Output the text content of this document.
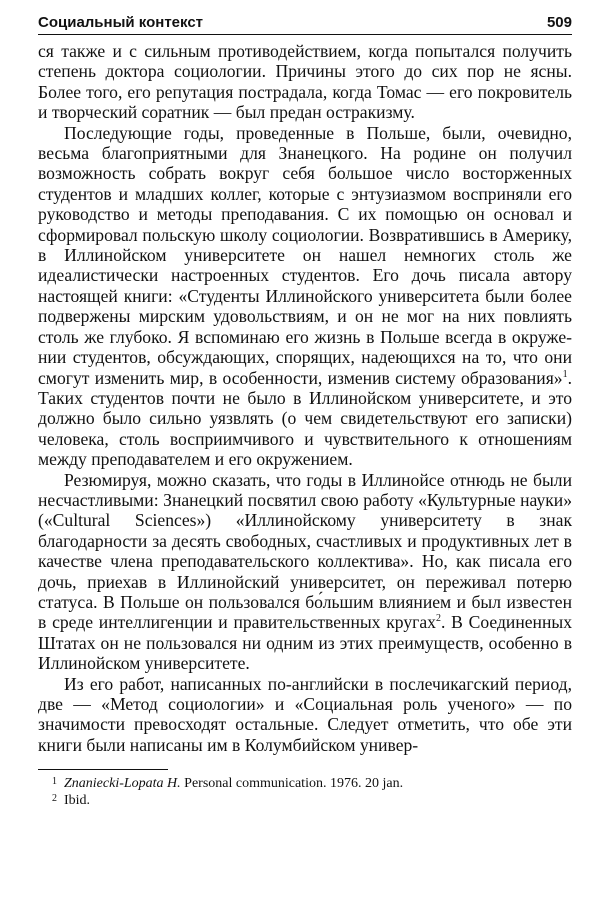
Социальный контекст	509

ся также и с сильным противодействием, когда попытался получить степень доктора социологии. Причины этого до сих пор не ясны. Более того, его репутация пострадала, когда Томас — его покровитель и творческий соратник — был предан остракизму.

Последующие годы, проведенные в Польше, были, очевидно, весьма благоприятными для Знанецкого. На родине он получил возможность собрать вокруг себя большое число восторженных студентов и младших коллег, которые с энтузиазмом восприняли его руководство и методы преподавания. С их помощью он основал и сформировал польскую школу социологии. Возвратившись в Америку, в Иллинойском университете он нашел немногих столь же идеалистически настроенных студентов. Его дочь писала автору настоящей книги: «Студенты Иллинойского университета были более подвержены мирским удовольствиям, и он не мог на них повлиять столь же глубоко. Я вспоминаю его жизнь в Польше всегда в окружении студентов, обсуждающих, спорящих, надеющихся на то, что они смогут изменить мир, в особенности, изменив систему образования»$^1$. Таких студентов почти не было в Иллинойском университете, и это должно было сильно уязвлять (о чем свидетельствуют его записки) человека, столь восприимчивого и чувствительного к отношениям между преподавателем и его окружением.

Резюмируя, можно сказать, что годы в Иллинойсе отнюдь не были несчастливыми: Знанецкий посвятил свою работу «Культурные науки» («Cultural Sciences») «Иллинойскому университету в знак благодарности за десять свободных, счастливых и продуктивных лет в качестве члена преподавательского коллектива». Но, как писала его дочь, приехав в Иллинойский университет, он переживал потерю статуса. В Польше он пользовался бо́льшим влиянием и был известен в среде интеллигенции и правительственных кругах$^2$. В Соединенных Штатах он не пользовался ни одним из этих преимуществ, особенно в Иллинойском университете.

Из его работ, написанных по-английски в послечикагский период, две — «Метод социологии» и «Социальная роль ученого» — по значимости превосходят остальные. Следует отметить, что обе эти книги были написаны им в Колумбийском универ-

1 Znaniecki-Lopata H. Personal communication. 1976. 20 jan.
2 Ibid.
